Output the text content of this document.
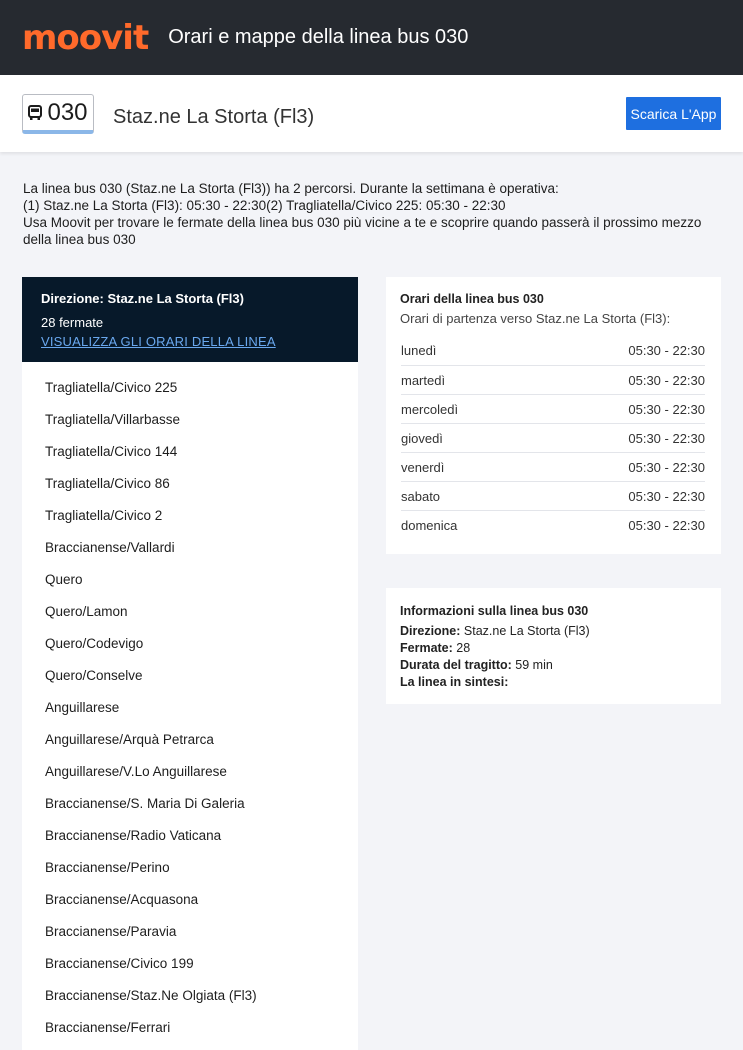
moovit Orari e mappe della linea bus 030
030 Staz.ne La Storta (Fl3)	Scarica L'App
La linea bus 030 (Staz.ne La Storta (Fl3)) ha 2 percorsi. Durante la settimana è operativa:
(1) Staz.ne La Storta (Fl3): 05:30 - 22:30(2) Tragliatella/Civico 225: 05:30 - 22:30
Usa Moovit per trovare le fermate della linea bus 030 più vicine a te e scoprire quando passerà il prossimo mezzo della linea bus 030
Direzione: Staz.ne La Storta (Fl3)
28 fermate
VISUALIZZA GLI ORARI DELLA LINEA
Tragliatella/Civico 225
Tragliatella/Villarbasse
Tragliatella/Civico 144
Tragliatella/Civico 86
Tragliatella/Civico 2
Braccianense/Vallardi
Quero
Quero/Lamon
Quero/Codevigo
Quero/Conselve
Anguillarese
Anguillarese/Arquà Petrarca
Anguillarese/V.Lo Anguillarese
Braccianense/S. Maria Di Galeria
Braccianense/Radio Vaticana
Braccianense/Perino
Braccianense/Acquasona
Braccianense/Paravia
Braccianense/Civico 199
Braccianense/Staz.Ne Olgiata (Fl3)
Braccianense/Ferrari
Orari della linea bus 030
Orari di partenza verso Staz.ne La Storta (Fl3):
lunedì	05:30 - 22:30
martedì	05:30 - 22:30
mercoledì	05:30 - 22:30
giovedì	05:30 - 22:30
venerdì	05:30 - 22:30
sabato	05:30 - 22:30
domenica	05:30 - 22:30
Informazioni sulla linea bus 030
Direzione: Staz.ne La Storta (Fl3)
Fermate: 28
Durata del tragitto: 59 min
La linea in sintesi:
